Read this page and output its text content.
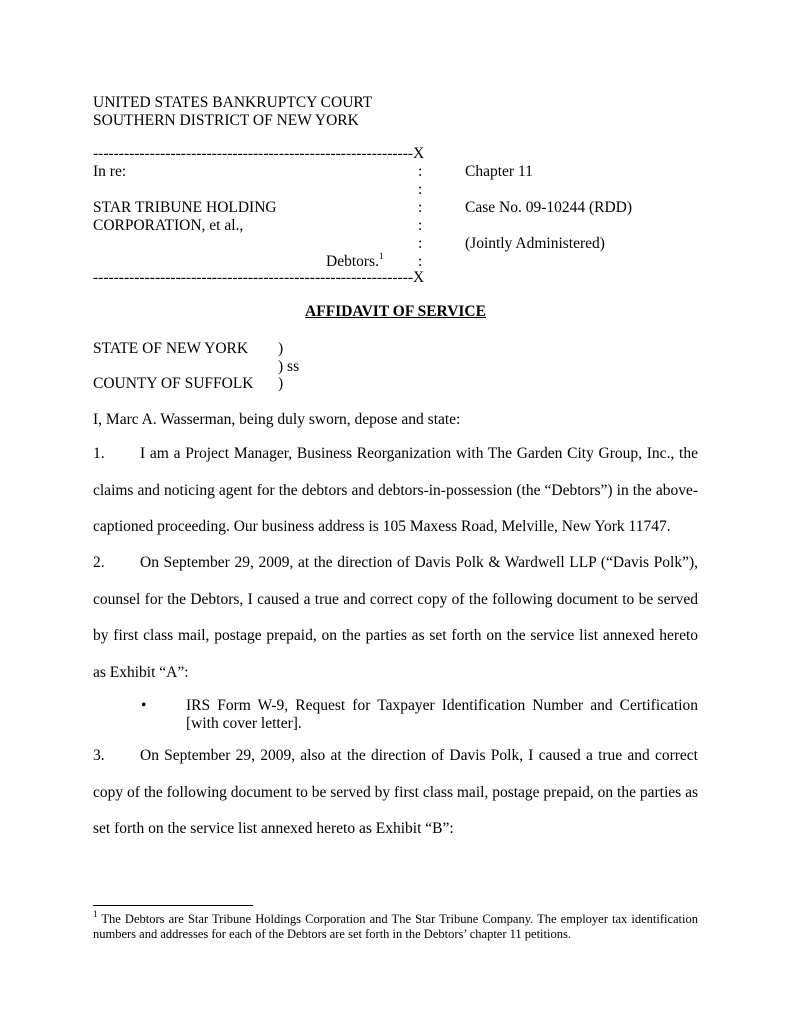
UNITED STATES BANKRUPTCY COURT
SOUTHERN DISTRICT OF NEW YORK
--------------------------------------------------------------X
In re:	:	Chapter 11
:
STAR TRIBUNE HOLDING	:	Case No. 09-10244 (RDD)
CORPORATION, et al.,	:
:	(Jointly Administered)
Debtors.$^1$ :
--------------------------------------------------------------X
AFFIDAVIT OF SERVICE
STATE OF NEW YORK )
) ss
COUNTY OF SUFFOLK )
I, Marc A. Wasserman, being duly sworn, depose and state:
1. I am a Project Manager, Business Reorganization with The Garden City Group, Inc., the claims and noticing agent for the debtors and debtors-in-possession (the “Debtors”) in the above-captioned proceeding. Our business address is 105 Maxess Road, Melville, New York 11747.
2. On September 29, 2009, at the direction of Davis Polk & Wardwell LLP (“Davis Polk”), counsel for the Debtors, I caused a true and correct copy of the following document to be served by first class mail, postage prepaid, on the parties as set forth on the service list annexed hereto as Exhibit “A”:
•	IRS Form W-9, Request for Taxpayer Identification Number and Certification [with cover letter].
3. On September 29, 2009, also at the direction of Davis Polk, I caused a true and correct copy of the following document to be served by first class mail, postage prepaid, on the parties as set forth on the service list annexed hereto as Exhibit “B”:
$^1$ The Debtors are Star Tribune Holdings Corporation and The Star Tribune Company. The employer tax identification numbers and addresses for each of the Debtors are set forth in the Debtors’ chapter 11 petitions.
